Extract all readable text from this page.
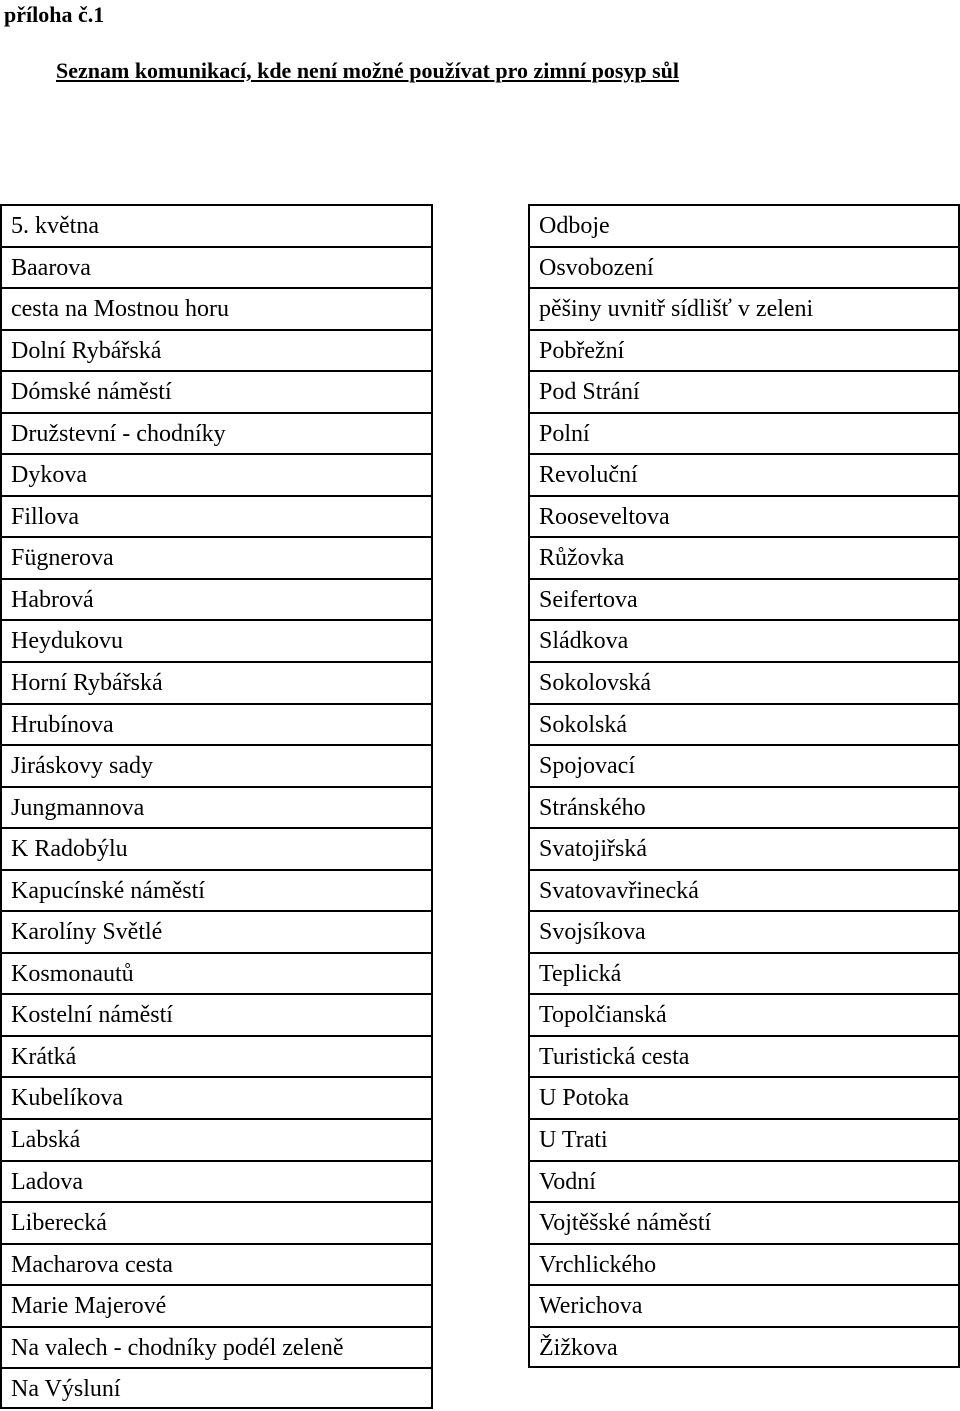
příloha č.1
Seznam komunikací, kde není možné používat pro zimní posyp sůl
5. května
Baarova
cesta na Mostnou horu
Dolní Rybářská
Dómské náměstí
Družstevní - chodníky
Dykova
Fillova
Fügnerova
Habrová
Heydukovu
Horní Rybářská
Hrubínova
Jiráskovy sady
Jungmannova
K Radobýlu
Kapucínské náměstí
Karolíny Světlé
Kosmonautů
Kostelní náměstí
Krátká
Kubelíkova
Labská
Ladova
Liberecká
Macharova cesta
Marie Majerové
Na valech - chodníky podél zeleně
Na Výsluní
Odboje
Osvobození
pěšiny uvnitř sídlišť v zeleni
Pobřežní
Pod Strání
Polní
Revoluční
Rooseveltova
Růžovka
Seifertova
Sládkova
Sokolovská
Sokolská
Spojovací
Stránského
Svatojiřská
Svatovavřinecká
Svojsíkova
Teplická
Topolčianská
Turistická cesta
U Potoka
U Trati
Vodní
Vojtěšské náměstí
Vrchlického
Werichova
Žižkova
